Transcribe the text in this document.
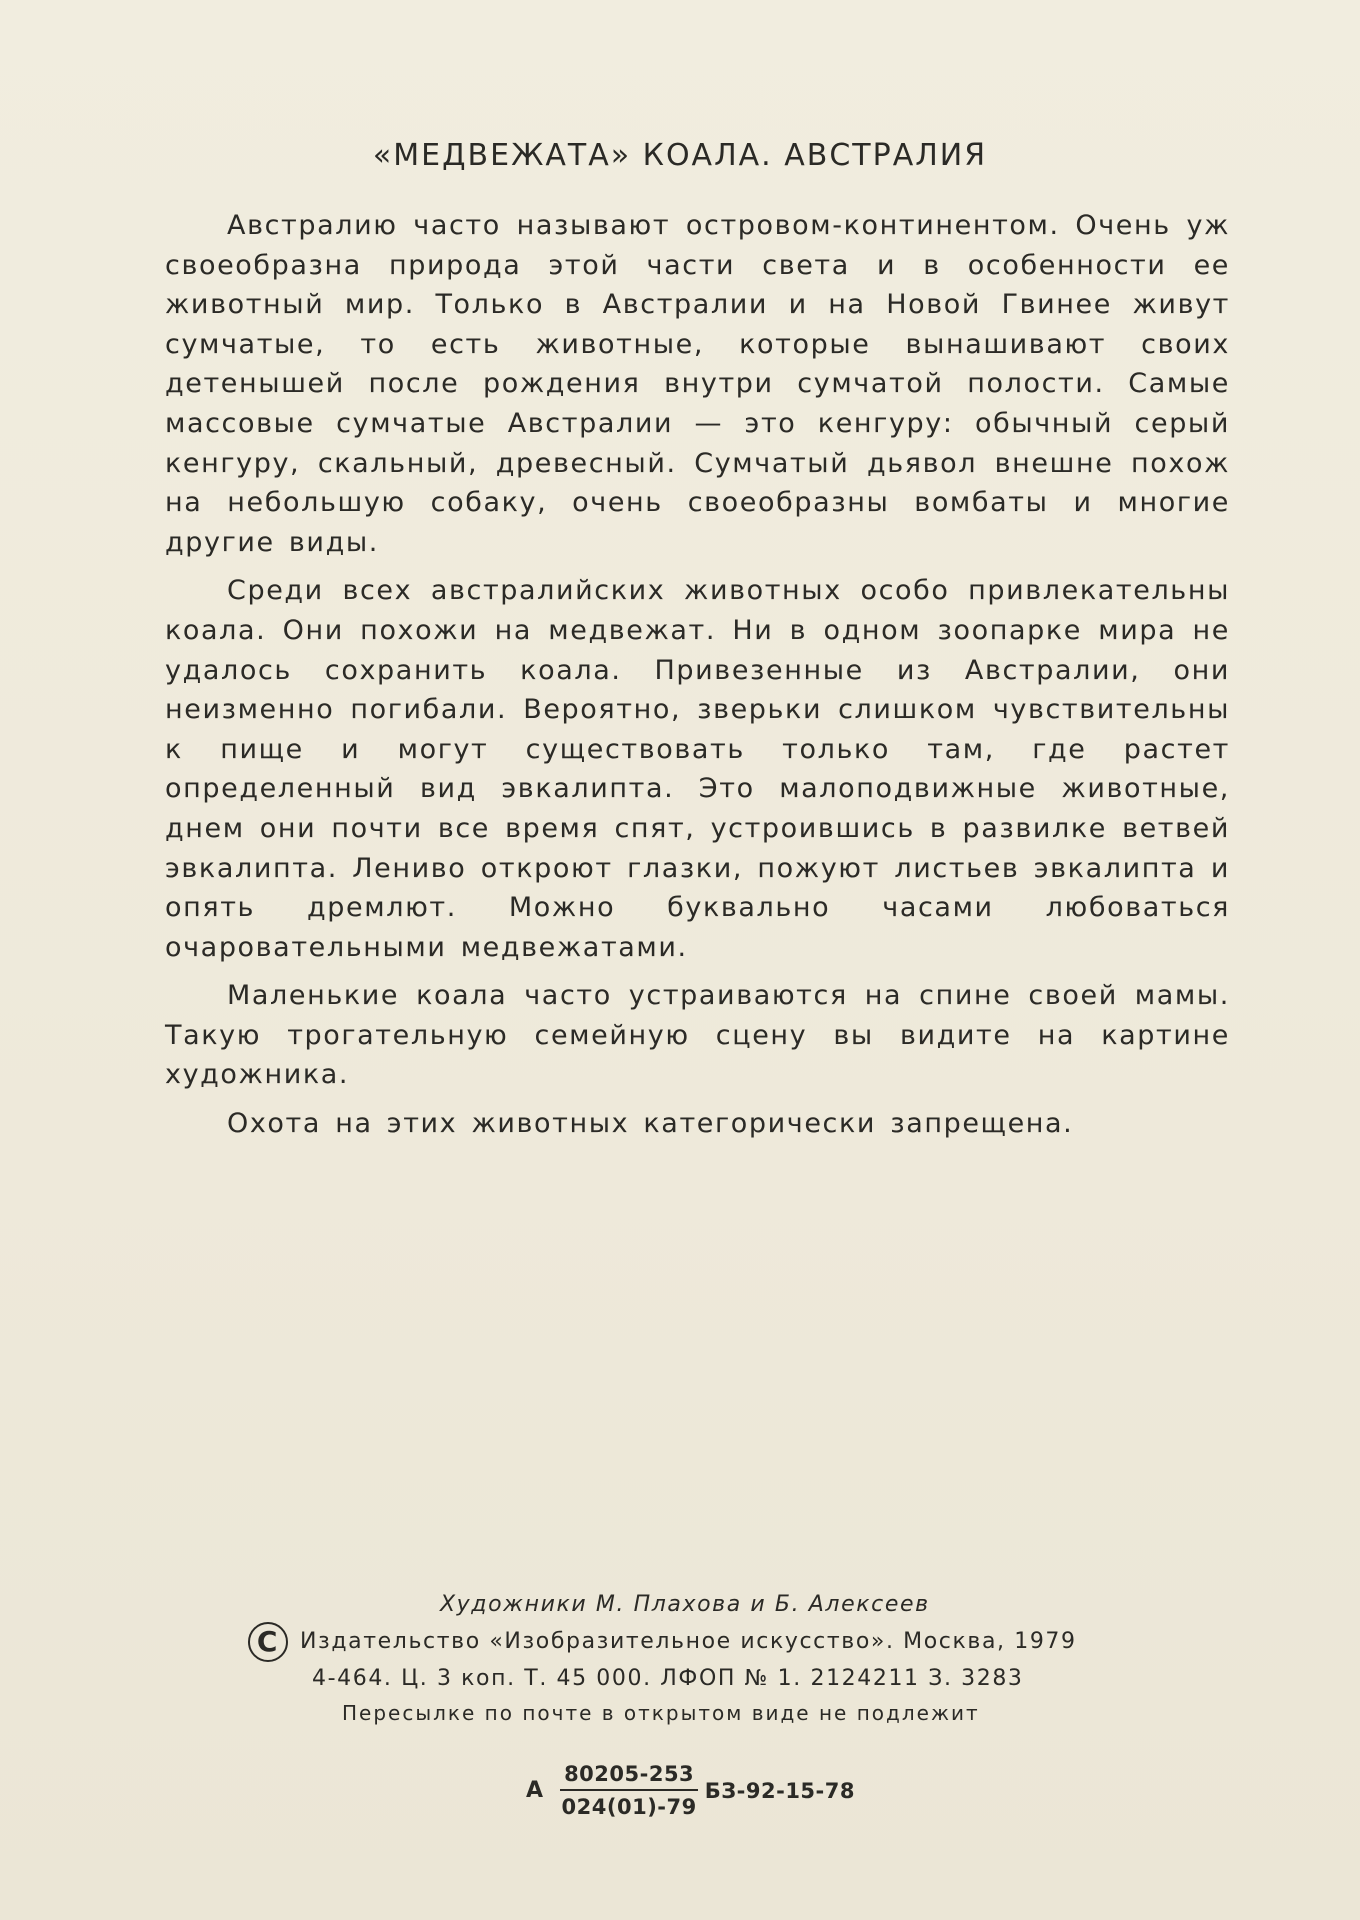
«МЕДВЕЖАТА» КОАЛА. АВСТРАЛИЯ

Австралию часто называют островом-континентом. Очень уж своеобразна природа этой части света и в особенности ее животный мир. Только в Австралии и на Новой Гвинее живут сумчатые, то есть животные, которые вынашивают своих детенышей после рождения внутри сумчатой полости. Самые массовые сумчатые Австралии — это кенгуру: обычный серый кенгуру, скальный, древесный. Сумчатый дьявол внешне похож на небольшую собаку, очень своеобразны вомбаты и многие другие виды.

Среди всех австралийских животных особо привлекательны коала. Они похожи на медвежат. Ни в одном зоопарке мира не удалось сохранить коала. Привезенные из Австралии, они неизменно погибали. Вероятно, зверьки слишком чувствительны к пище и могут существовать только там, где растет определенный вид эвкалипта. Это малоподвижные животные, днем они почти все время спят, устроившись в развилке ветвей эвкалипта. Лениво откроют глазки, пожуют листьев эвкалипта и опять дремлют. Можно буквально часами любоваться очаровательными медвежатами.

Маленькие коала часто устраиваются на спине своей мамы. Такую трогательную семейную сцену вы видите на картине художника.

Охота на этих животных категорически запрещена.

Художники М. Плахова и Б. Алексеев
C Издательство «Изобразительное искусство». Москва, 1979
4-464. Ц. 3 коп. Т. 45 000. ЛФОП № 1. 2124211 З. 3283
Пересылке по почте в открытом виде не подлежит
А $\frac{80205-253}{024(01)-79} БЗ-92-15-78$
